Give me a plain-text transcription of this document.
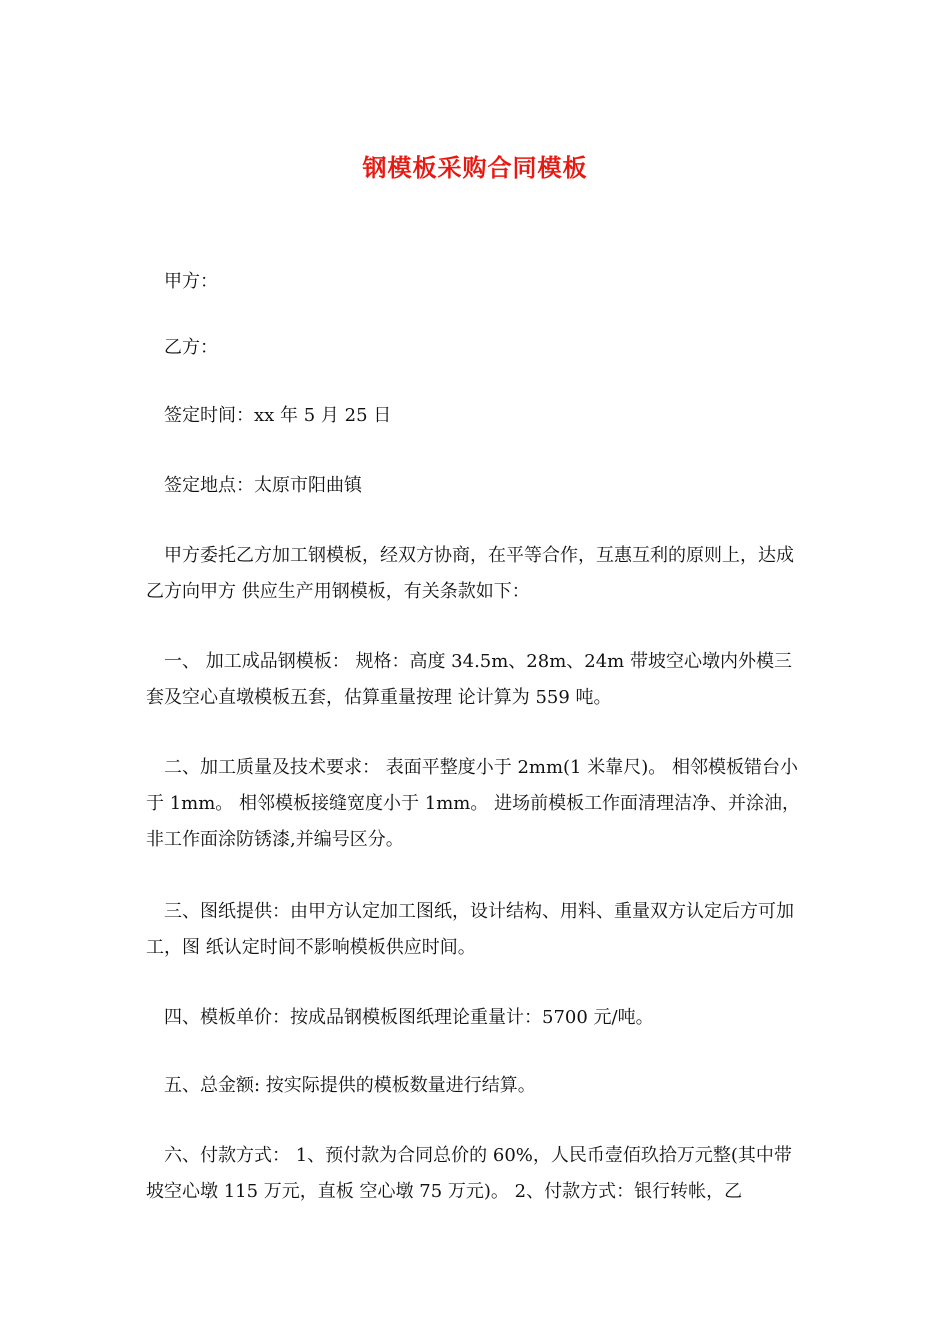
钢模板采购合同模板
甲方：
乙方：
签定时间：xx 年 5 月 25 日
签定地点：太原市阳曲镇
甲方委托乙方加工钢模板，经双方协商，在平等合作，互惠互利的原则上，达成乙方向甲方 供应生产用钢模板，有关条款如下：
一、 加工成品钢模板： 规格：高度 34.5m、28m、24m 带坡空心墩内外模三套及空心直墩模板五套，估算重量按理 论计算为 559 吨。
二、加工质量及技术要求： 表面平整度小于 2mm(1 米靠尺)。 相邻模板错台小于 1mm。 相邻模板接缝宽度小于 1mm。 进场前模板工作面清理洁净、并涂油，非工作面涂防锈漆,并编号区分。
三、图纸提供：由甲方认定加工图纸，设计结构、用料、重量双方认定后方可加工，图 纸认定时间不影响模板供应时间。
四、模板单价：按成品钢模板图纸理论重量计：5700 元/吨。
五、总金额: 按实际提供的模板数量进行结算。
六、付款方式： 1、预付款为合同总价的 60%，人民币壹佰玖拾万元整(其中带坡空心墩 115 万元，直板 空心墩 75 万元)。 2、付款方式：银行转帐，乙
